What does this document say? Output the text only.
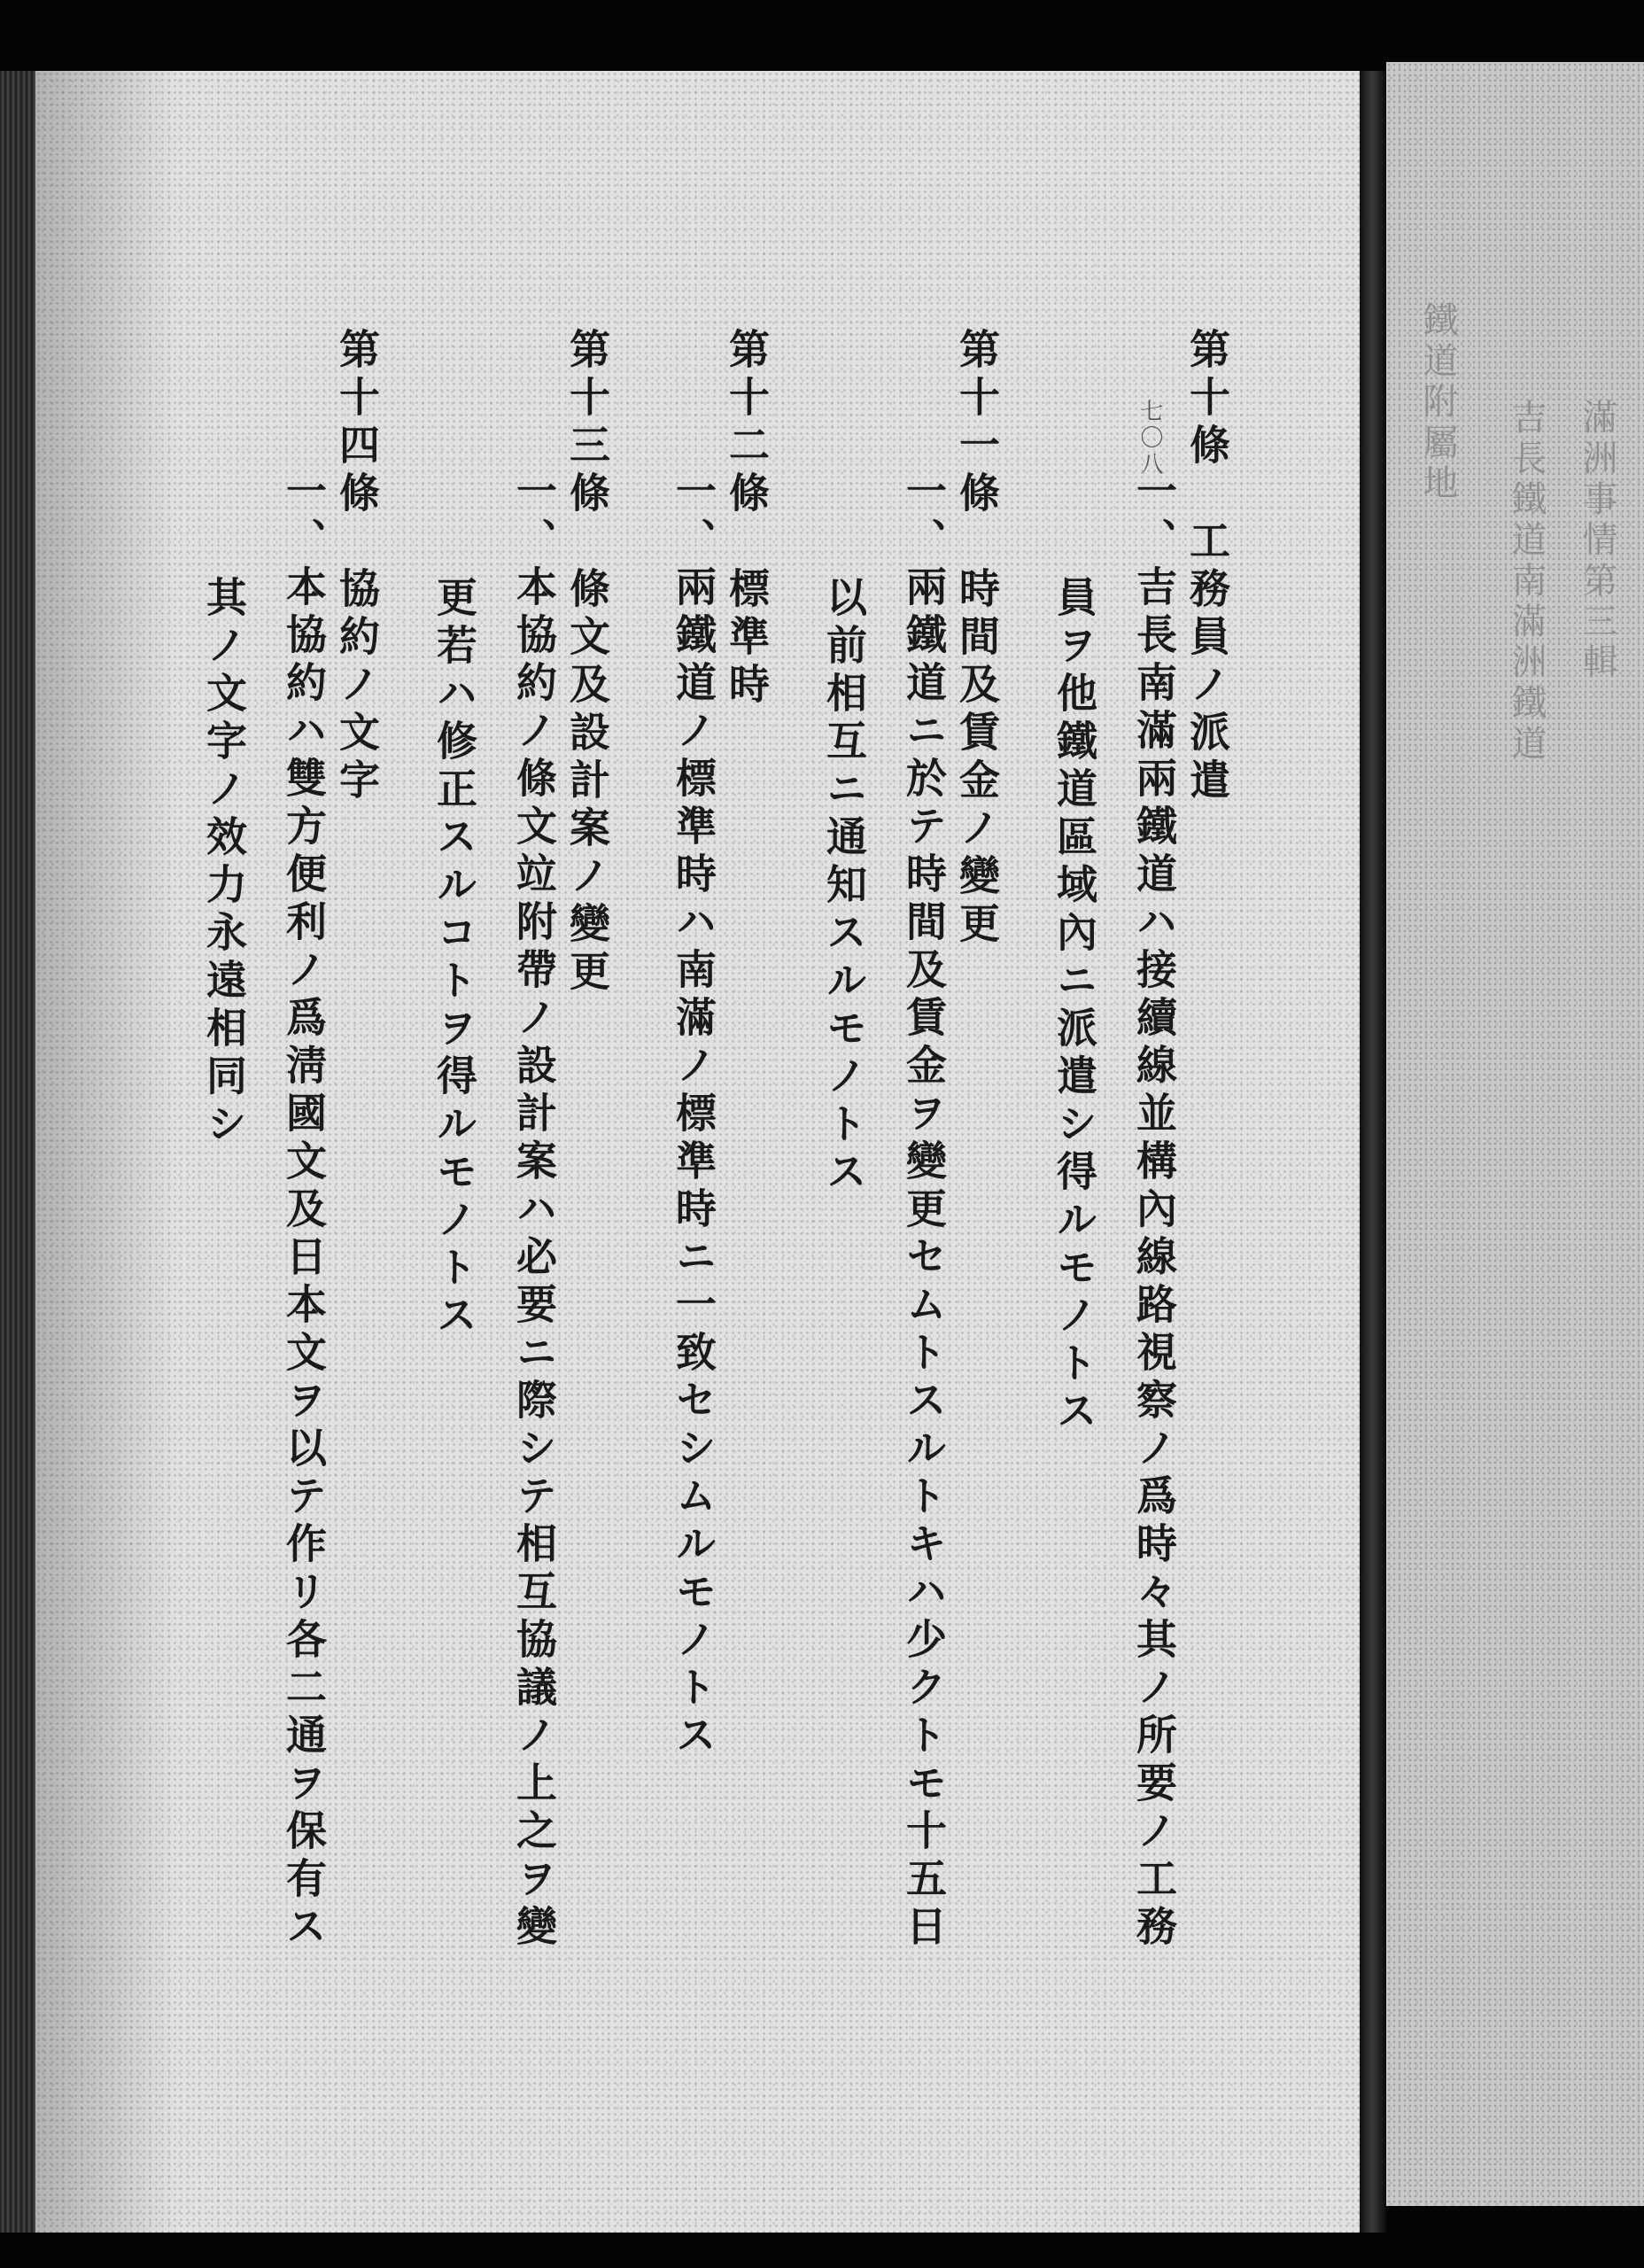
七〇八 第十條　工務員ノ派遣
一、吉長南滿兩鐵道ハ接續線並構內線路視察ノ爲時々其ノ所要ノ工務
員ヲ他鐵道區域內ニ派遣シ得ルモノトス
第十一條　時間及賃金ノ變更
一、兩鐵道ニ於テ時間及賃金ヲ變更セムトスルトキハ少クトモ十五日
以前相互ニ通知スルモノトス
第十二條　標準時
一、兩鐵道ノ標準時ハ南滿ノ標準時ニ一致セシムルモノトス
第十三條　條文及設計案ノ變更
一、本協約ノ條文竝附帶ノ設計案ハ必要ニ際シテ相互協議ノ上之ヲ變
更若ハ修正スルコトヲ得ルモノトス
第十四條　協約ノ文字
一、本協約ハ雙方便利ノ爲淸國文及日本文ヲ以テ作リ各二通ヲ保有ス
其ノ文字ノ效力永遠相同シ
滿洲事情第三輯
吉長鐵道南滿洲鐵道
鐵道附屬地
